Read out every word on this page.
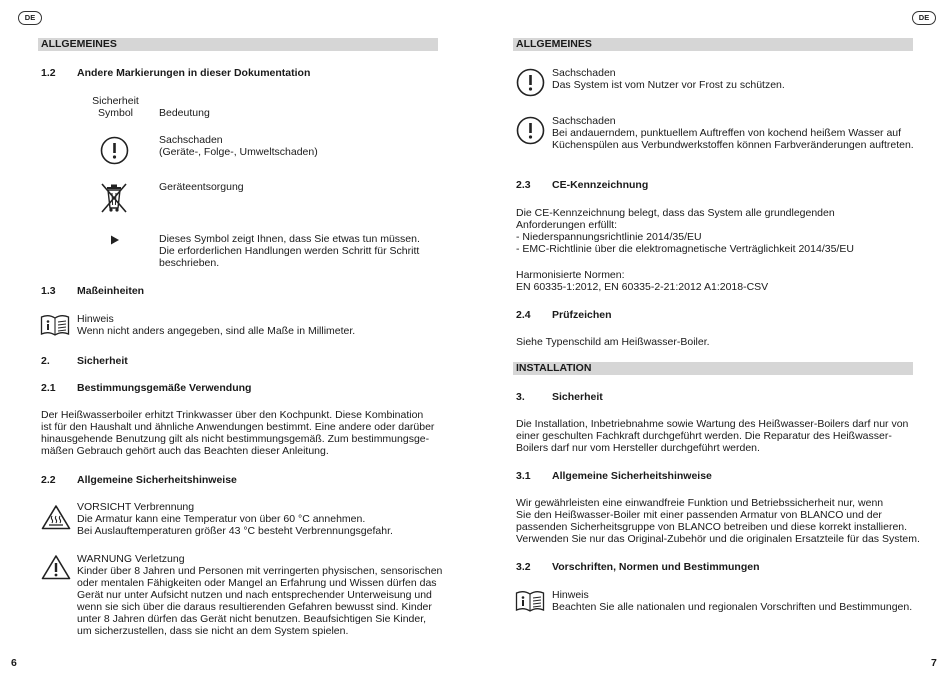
DE	DE
ALLGEMEINES
1.2 Andere Markierungen in dieser Dokumentation
Sicherheit
Symbol	Bedeutung
Sachschaden
(Geräte-, Folge-, Umweltschaden)
Geräteentsorgung
Dieses Symbol zeigt Ihnen, dass Sie etwas tun müssen.
Die erforderlichen Handlungen werden Schritt für Schritt
beschrieben.
1.3 Maßeinheiten
Hinweis
Wenn nicht anders angegeben, sind alle Maße in Millimeter.
2.	Sicherheit
2.1 Bestimmungsgemäße Verwendung
Der Heißwasserboiler erhitzt Trinkwasser über den Kochpunkt. Diese Kombination
ist für den Haushalt und ähnliche Anwendungen bestimmt. Eine andere oder darüber
hinausgehende Benutzung gilt als nicht bestimmungsgemäß. Zum bestimmungsge-
mäßen Gebrauch gehört auch das Beachten dieser Anleitung.
2.2 Allgemeine Sicherheitshinweise
VORSICHT Verbrennung
Die Armatur kann eine Temperatur von über 60 °C annehmen.
Bei Auslauftemperaturen größer 43 °C besteht Verbrennungsgefahr.
WARNUNG Verletzung
Kinder über 8 Jahren und Personen mit verringerten physischen, sensorischen
oder mentalen Fähigkeiten oder Mangel an Erfahrung und Wissen dürfen das
Gerät nur unter Aufsicht nutzen und nach entsprechender Unterweisung und
wenn sie sich über die daraus resultierenden Gefahren bewusst sind. Kinder
unter 8 Jahren dürfen das Gerät nicht benutzen. Beaufsichtigen Sie Kinder,
um sicherzustellen, dass sie nicht an dem System spielen.
6
ALLGEMEINES
Sachschaden
Das System ist vom Nutzer vor Frost zu schützen.
Sachschaden
Bei andauerndem, punktuellem Auftreffen von kochend heißem Wasser auf
Küchenspülen aus Verbundwerkstoffen können Farbveränderungen auftreten.
2.3 CE-Kennzeichnung
Die CE-Kennzeichnung belegt, dass das System alle grundlegenden
Anforderungen erfüllt:
- Niederspannungsrichtlinie 2014/35/EU
- EMC-Richtlinie über die elektromagnetische Verträglichkeit 2014/35/EU
Harmonisierte Normen:
EN 60335-1:2012, EN 60335-2-21:2012 A1:2018-CSV
2.4 Prüfzeichen
Siehe Typenschild am Heißwasser-Boiler.
INSTALLATION
3.	Sicherheit
Die Installation, Inbetriebnahme sowie Wartung des Heißwasser-Boilers darf nur von
einer geschulten Fachkraft durchgeführt werden. Die Reparatur des Heißwasser-
Boilers darf nur vom Hersteller durchgeführt werden.
3.1 Allgemeine Sicherheitshinweise
Wir gewährleisten eine einwandfreie Funktion und Betriebssicherheit nur, wenn
Sie den Heißwasser-Boiler mit einer passenden Armatur von BLANCO und der
passenden Sicherheitsgruppe von BLANCO betreiben und diese korrekt installieren.
Verwenden Sie nur das Original-Zubehör und die originalen Ersatzteile für das System.
3.2 Vorschriften, Normen und Bestimmungen
Hinweis
Beachten Sie alle nationalen und regionalen Vorschriften und Bestimmungen.
7
